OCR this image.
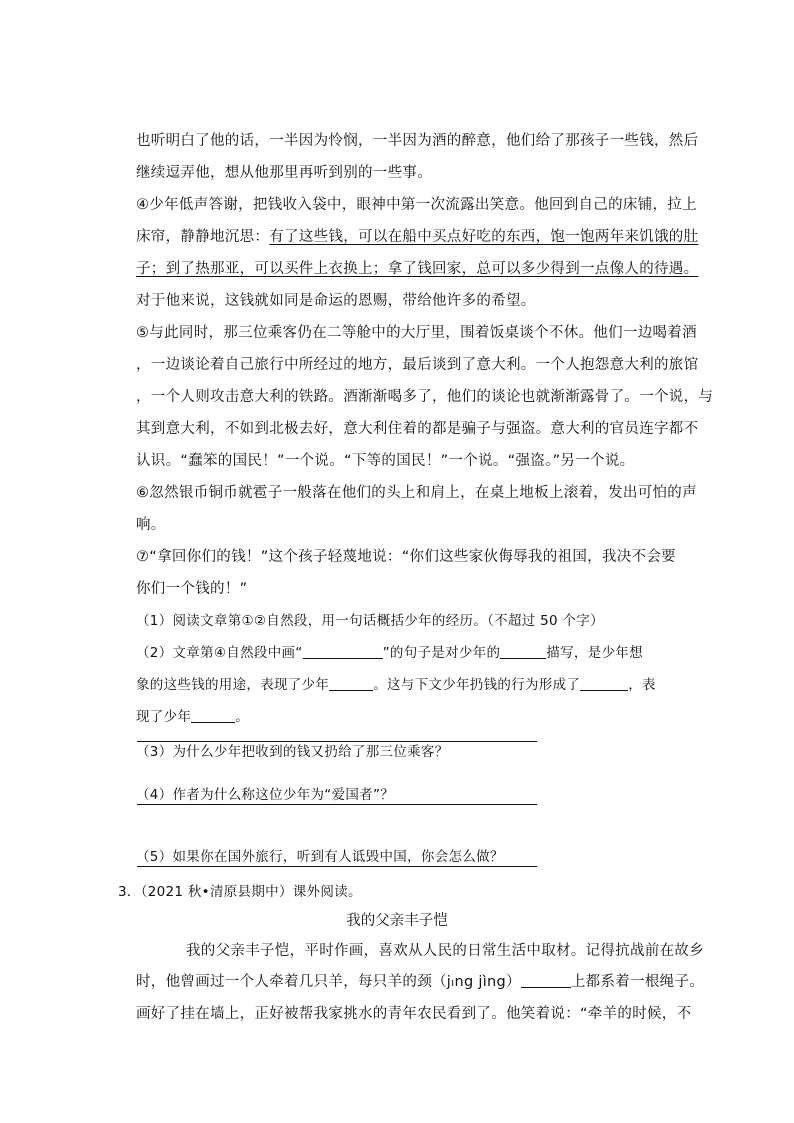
也听明白了他的话，一半因为怜悯，一半因为酒的醉意，他们给了那孩子一些钱，然后
继续逗弄他，想从他那里再听到别的一些事。
④少年低声答谢，把钱收入袋中，眼神中第一次流露出笑意。他回到自己的床铺，拉上
床帘，静静地沉思：有了这些钱，可以在船中买点好吃的东西，饱一饱两年来饥饿的肚
子；到了热那亚，可以买件上衣换上；拿了钱回家，总可以多少得到一点像人的待遇。
对于他来说，这钱就如同是命运的恩赐，带给他许多的希望。
⑤与此同时，那三位乘客仍在二等舱中的大厅里，围着饭桌谈个不休。他们一边喝着酒
，一边谈论着自己旅行中所经过的地方，最后谈到了意大利。一个人抱怨意大利的旅馆
，一个人则攻击意大利的铁路。酒渐渐喝多了，他们的谈论也就渐渐露骨了。一个说，与
其到意大利，不如到北极去好，意大利住着的都是骗子与强盗。意大利的官员连字都不
认识。“蠢笨的国民！”一个说。“下等的国民！”一个说。“强盗。”另一个说。
⑥忽然银币铜币就雹子一般落在他们的头上和肩上，在桌上地板上滚着，发出可怕的声
响。
⑦“拿回你们的钱！”这个孩子轻蔑地说：“你们这些家伙侮辱我的祖国，我决不会要
你们一个钱的！”
（1）阅读文章第①②自然段，用一句话概括少年的经历。（不超过 50 个字）
（2）文章第④自然段中画“	”的句子是对少年的	描写，是少年想
象的这些钱的用途，表现了少年	。这与下文少年扔钱的行为形成了	，表
现了少年	。
（3）为什么少年把收到的钱又扔给了那三位乘客？
（4）作者为什么称这位少年为“爱国者”？
（5）如果你在国外旅行，听到有人诋毁中国，你会怎么做？
3．（2021 秋•清原县期中）课外阅读。
我的父亲丰子恺
我的父亲丰子恺，平时作画，喜欢从人民的日常生活中取材。记得抗战前在故乡
时，他曾画过一个人牵着几只羊，每只羊的颈（jıng jìng）	上都系着一根绳子。
画好了挂在墙上，正好被帮我家挑水的青年农民看到了。他笑着说：“牵羊的时候，不
